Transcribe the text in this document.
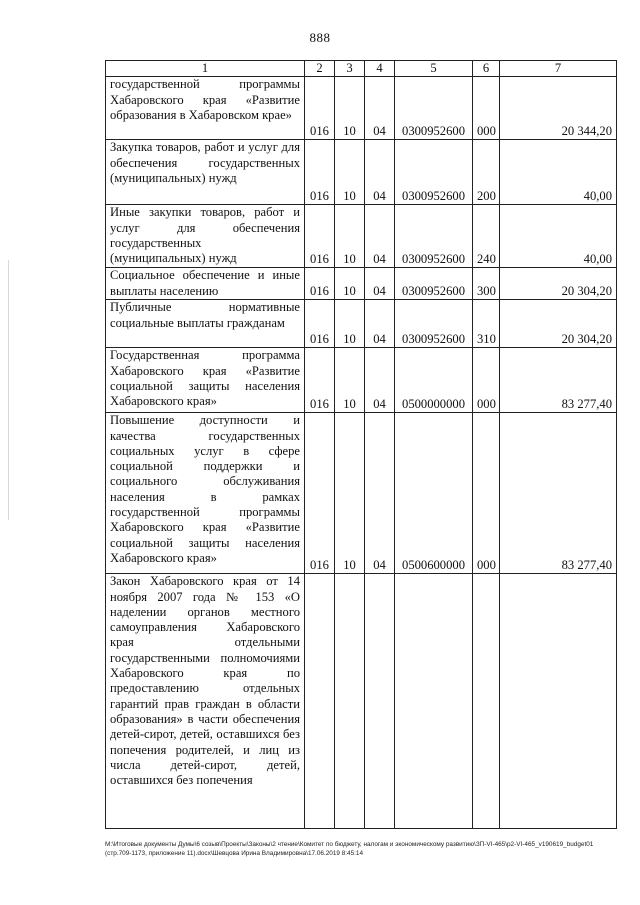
888
1	2	3	4	5	6	7
государственной программы Хабаровского края «Развитие образования в Хабаровском крае»	016	10	04	0300952600	000	20 344,20
Закупка товаров, работ и услуг для обеспечения государственных (муниципальных) нужд	016	10	04	0300952600	200	40,00
Иные закупки товаров, работ и услуг для обеспечения государственных (муниципальных) нужд	016	10	04	0300952600	240	40,00
Социальное обеспечение и иные выплаты населению	016	10	04	0300952600	300	20 304,20
Публичные нормативные социальные выплаты гражданам	016	10	04	0300952600	310	20 304,20
Государственная программа Хабаровского края «Развитие социальной защиты населения Хабаровского края»	016	10	04	0500000000	000	83 277,40
Повышение доступности и качества государственных социальных услуг в сфере социальной поддержки и социального обслуживания населения в рамках государственной программы Хабаровского края «Развитие социальной защиты населения Хабаровского края»	016	10	04	0500600000	000	83 277,40
Закон Хабаровского края от 14 ноября 2007 года № 153 «О наделении органов местного самоуправления Хабаровского края отдельными государственными полномочиями Хабаровского края по предоставлению отдельных гарантий прав граждан в области образования» в части обеспечения детей-сирот, детей, оставшихся без попечения родителей, и лиц из числа детей-сирот, детей, оставшихся без попечения						
M:\Итоговые документы Думы\6 созыв\Проекты\Законы\2 чтение\Комитет по бюджету, налогам и экономическому развитию\ЗП-VI-465\р2-VI-465_v190619_budget01 (стр.709-1173, приложение 11).docx\Шевцова Ирина Владимировна\17.06.2019 8:45:14
